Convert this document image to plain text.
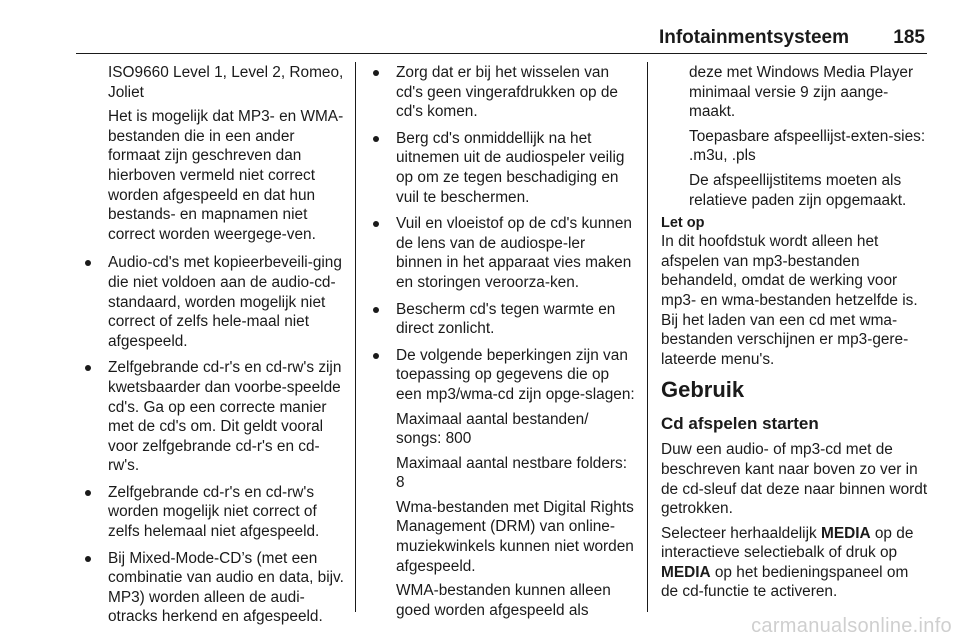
Infotainmentsysteem 185

ISO9660 Level 1, Level 2, Romeo, Joliet

Het is mogelijk dat MP3- en WMA-bestanden die in een ander formaat zijn geschreven dan hierboven vermeld niet correct worden afgespeeld en dat hun bestands- en mapnamen niet correct worden weergege-ven.

Audio-cd's met kopieerbeveili-ging die niet voldoen aan de audio-cd-standaard, worden mogelijk niet correct of zelfs hele-maal niet afgespeeld.
Zelfgebrande cd-r's en cd-rw's zijn kwetsbaarder dan voorbe-speelde cd's. Ga op een correcte manier met de cd's om. Dit geldt vooral voor zelfgebrande cd-r's en cd-rw's.
Zelfgebrande cd-r's en cd-rw's worden mogelijk niet correct of zelfs helemaal niet afgespeeld.
Bij Mixed-Mode-CD’s (met een combinatie van audio en data, bijv. MP3) worden alleen de audi-otracks herkend en afgespeeld.
Zorg dat er bij het wisselen van cd's geen vingerafdrukken op de cd's komen.
Berg cd's onmiddellijk na het uitnemen uit de audiospeler veilig op om ze tegen beschadiging en vuil te beschermen.
Vuil en vloeistof op de cd's kunnen de lens van de audiospe-ler binnen in het apparaat vies maken en storingen veroorza-ken.
Bescherm cd's tegen warmte en direct zonlicht.

De volgende beperkingen zijn van toepassing op gegevens die op een mp3/wma-cd zijn opge-slagen:

Maximaal aantal bestanden/ songs: 800

Maximaal aantal nestbare folders: 8

Wma-bestanden met Digital Rights Management (DRM) van online-muziekwinkels kunnen niet worden afgespeeld.

WMA-bestanden kunnen alleen goed worden afgespeeld als

deze met Windows Media Player minimaal versie 9 zijn aange-maakt.

Toepasbare afspeellijst-exten-sies: .m3u, .pls

De afspeellijstitems moeten als relatieve paden zijn opgemaakt.

Let op

In dit hoofdstuk wordt alleen het afspelen van mp3-bestanden behandeld, omdat de werking voor mp3- en wma-bestanden hetzelfde is. Bij het laden van een cd met wma-bestanden verschijnen er mp3-gere-lateerde menu's.

Gebruik
Cd afspelen starten

Duw een audio- of mp3-cd met de beschreven kant naar boven zo ver in de cd-sleuf dat deze naar binnen wordt getrokken.

Selecteer herhaaldelijk MEDIA op de interactieve selectiebalk of druk op MEDIA op het bedieningspaneel om de cd-functie te activeren.

carmanualsonline.info
